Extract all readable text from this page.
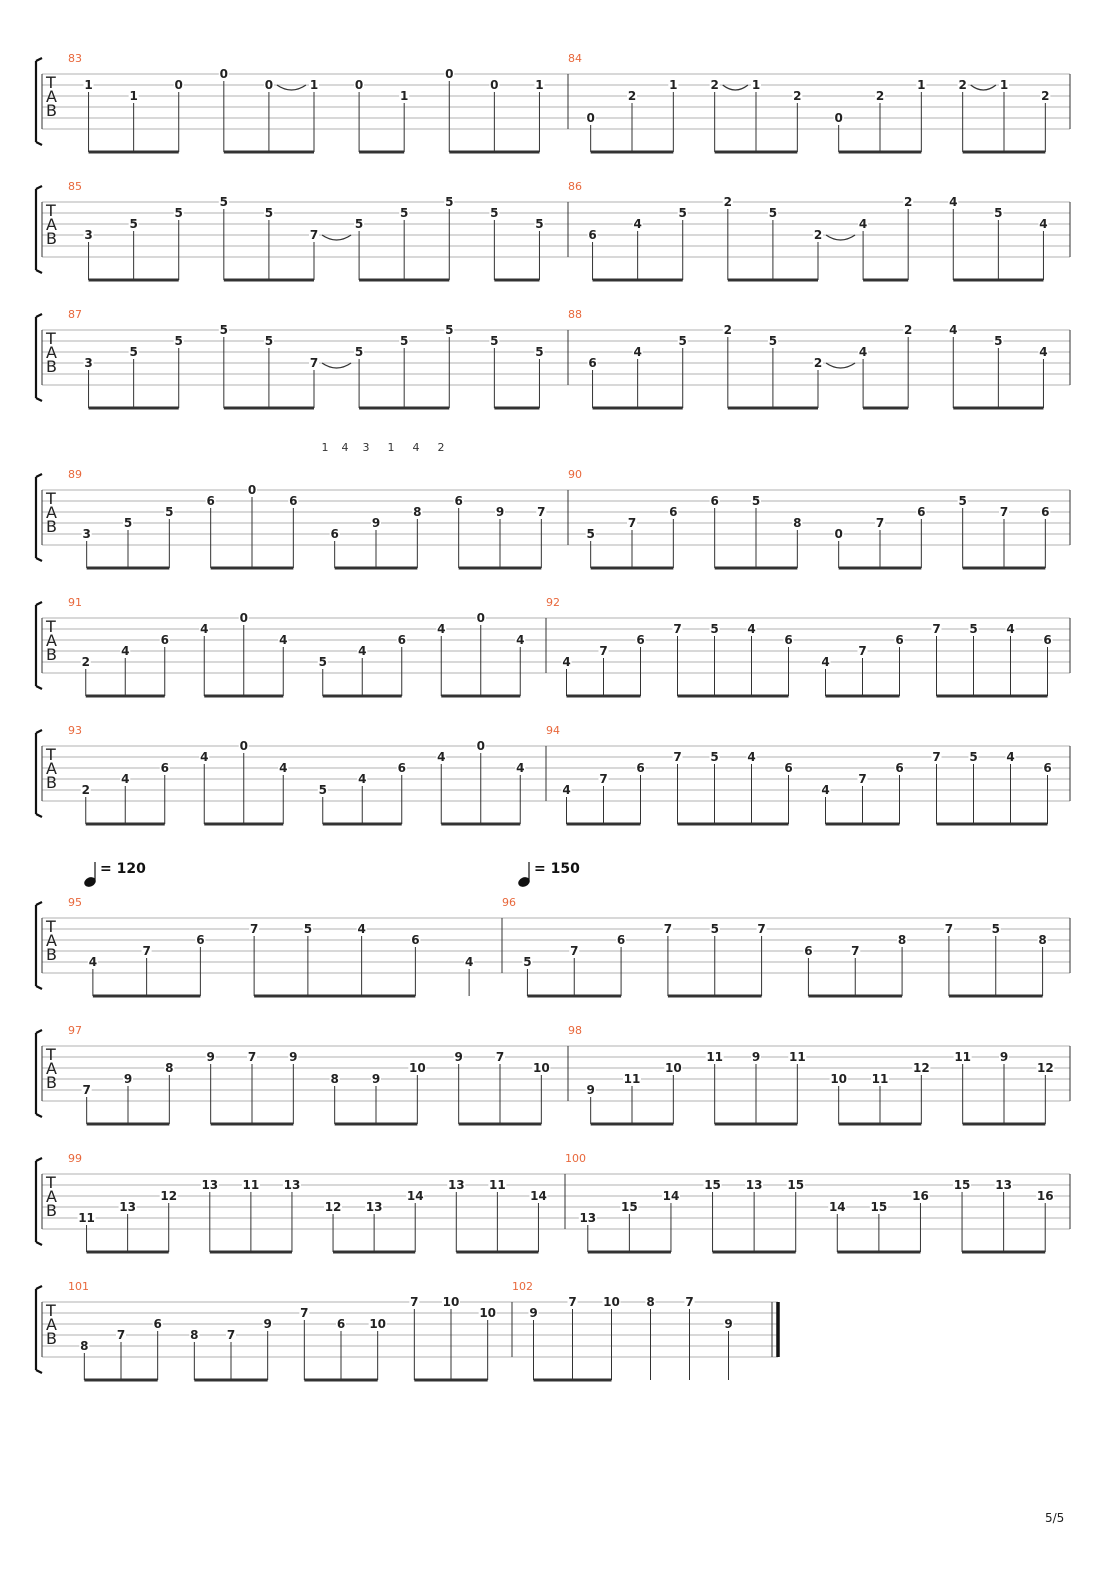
T
A
B
83
1
1
0
0
0	1	0
1
0
0	1
84
0
2
1	2	1
2
0
2
1	2	1
2
T
A
B
85
3
5
5
5
5
7
5
5
5
5
5
86
6
4
5
2
5
2
4
2	4
5
4
T
A
B
87
3
5
5
5
5
7
5
5
5
5
5
88
6
4
5
2
5
2
4
2	4
5
4
T
A
B
89
3
5
5
6
0
6
6
9
8
6
9	7
90
5
7
6
6	5
8
0
7
6
5
7	6
T
A
B
91
2
4
6
4
0
4
5
4
6
4
0
4
92
4
7
6
7 5 4
6
4
7
6
7 5 4
6
T
A
B
93
2
4
6
4
0
4
5
4
6
4
0
4
94
4
7
6
7 5 4
6
4
7
6
7 5 4
6
T
A
B
95
4
7
6
7	5	4
6
4
96
5
7
6
7	5	7
6	7
8
7	5
8
T
A
B
97
7
9
8
9	7	9
8	9
10
9	7
10
98
9
11
10
11 9 11
10 11
12
11 9
12
T
A
B
99
11
13
12
13 11 13
12 13
14
13 11
14
100
13
15
14
15 13 15
14 15
16
15 13
16
T
A
B
101
8
7
6
8 7
9
7
6 10
7 10
10
102
9
7 10 8	7
9
1 4 3 1 4 2
= 120	= 150
5/5
